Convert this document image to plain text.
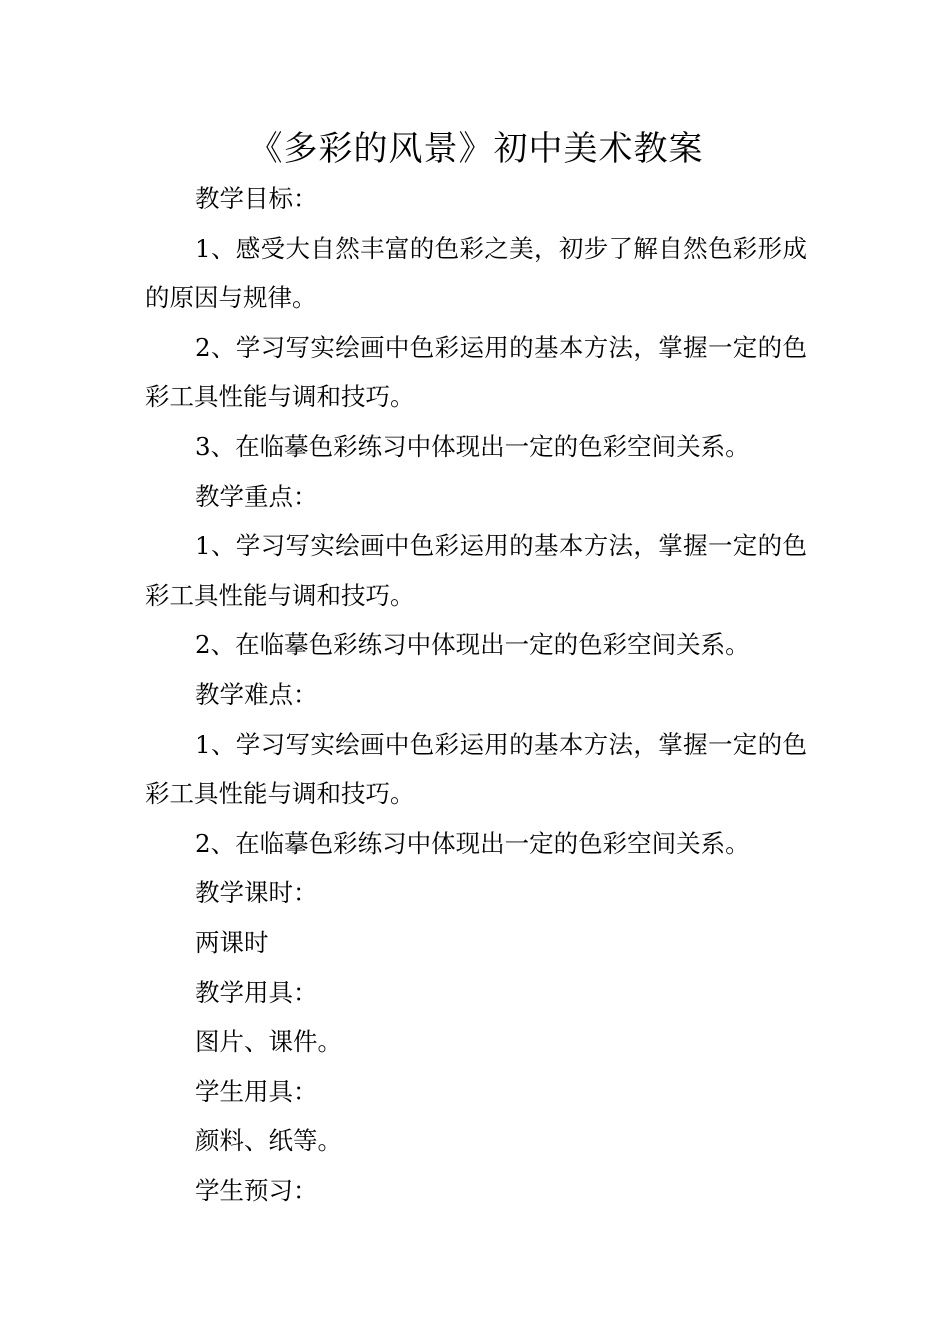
《多彩的风景》初中美术教案

教学目标：

1、感受大自然丰富的色彩之美，初步了解自然色彩形成的原因与规律。

2、学习写实绘画中色彩运用的基本方法，掌握一定的色彩工具性能与调和技巧。

3、在临摹色彩练习中体现出一定的色彩空间关系。

教学重点：

1、学习写实绘画中色彩运用的基本方法，掌握一定的色彩工具性能与调和技巧。

2、在临摹色彩练习中体现出一定的色彩空间关系。

教学难点：

1、学习写实绘画中色彩运用的基本方法，掌握一定的色彩工具性能与调和技巧。

2、在临摹色彩练习中体现出一定的色彩空间关系。

教学课时：

两课时

教学用具：

图片、课件。

学生用具：

颜料、纸等。

学生预习：
